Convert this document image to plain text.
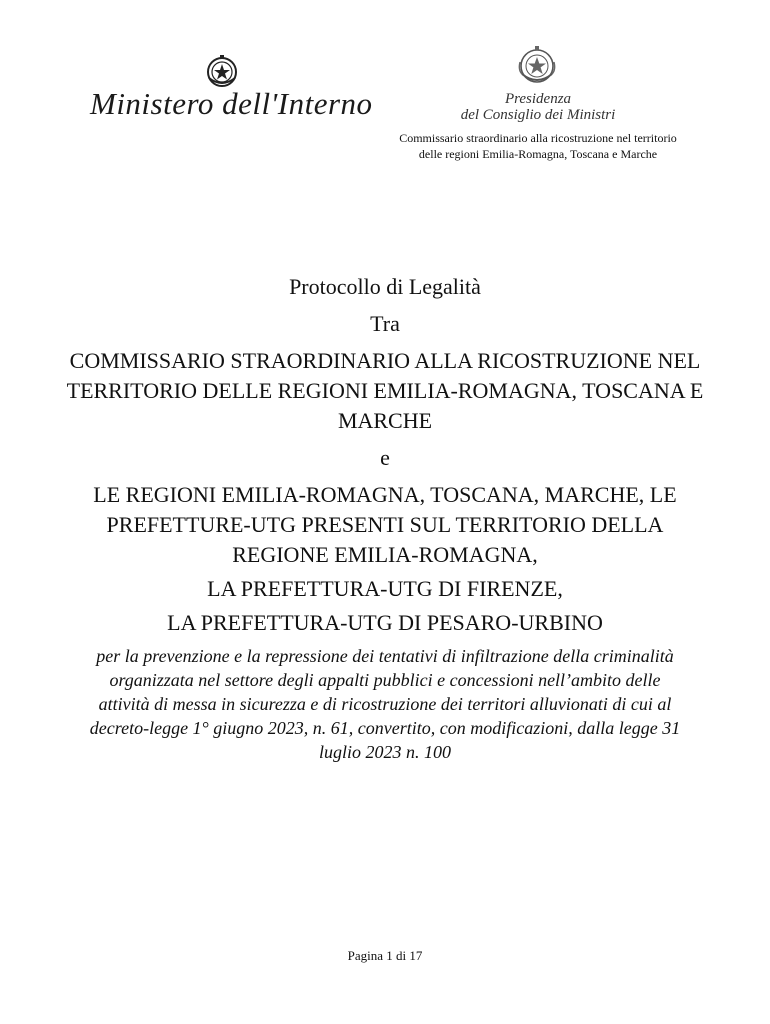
Ministero dell'Interno	Presidenza
del Consiglio dei Ministri
Commissario straordinario alla ricostruzione nel territorio delle regioni Emilia-Romagna, Toscana e Marche

Protocollo di Legalità

Tra

COMMISSARIO STRAORDINARIO ALLA RICOSTRUZIONE NEL TERRITORIO DELLE REGIONI EMILIA-ROMAGNA, TOSCANA E MARCHE

e

LE REGIONI EMILIA-ROMAGNA, TOSCANA, MARCHE, LE PREFETTURE-UTG PRESENTI SUL TERRITORIO DELLA REGIONE EMILIA-ROMAGNA,

LA PREFETTURA-UTG DI FIRENZE,

LA PREFETTURA-UTG DI PESARO-URBINO

per la prevenzione e la repressione dei tentativi di infiltrazione della criminalità organizzata nel settore degli appalti pubblici e concessioni nell’ambito delle attività di messa in sicurezza e di ricostruzione dei territori alluvionati di cui al decreto-legge 1° giugno 2023, n. 61, convertito, con modificazioni, dalla legge 31 luglio 2023 n. 100

Pagina 1 di 17
